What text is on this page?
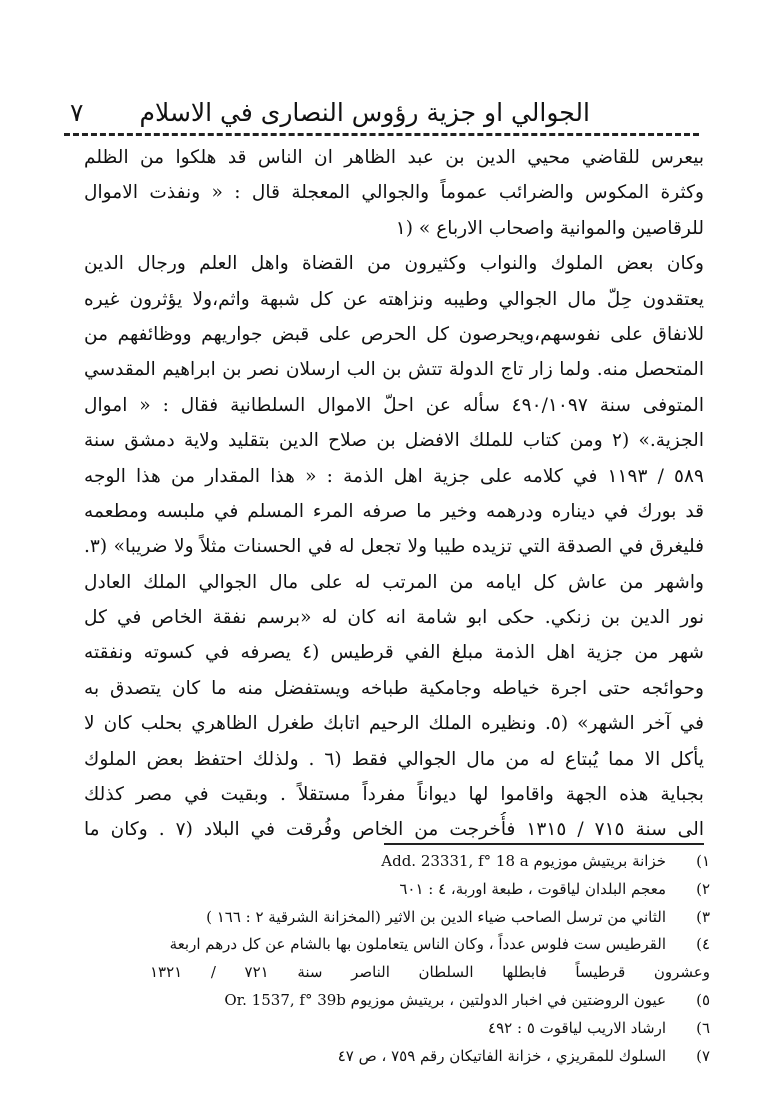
الجوالي او جزية رؤوس النصارى في الاسلام
٧
بيعرس للقاضي محيي الدين بن عبد الظاهر ان الناس قد هلكوا من الظلم
وكثرة المكوس والضرائب عموماً والجوالي المعجلة قال : « ونفذت الاموال
للرقاصين والموانية واصحاب الارباع » (١
وكان بعض الملوك والنواب وكثيرون من القضاة واهل العلم ورجال الدين
يعتقدون حِلّ مال الجوالي وطيبه ونزاهته عن كل شبهة واثم،ولا يؤثرون غيره
للانفاق على نفوسهم،ويحرصون كل الحرص على قبض جواريهم ووظائفهم من
المتحصل منه. ولما زار تاج الدولة تتش بن الب ارسلان نصر بن ابراهيم المقدسي
المتوفى سنة ٤٩٠/١٠٩٧ سأله عن احلّ الاموال السلطانية فقال : « اموال
الجزية.» (٢ ومن كتاب للملك الافضل بن صلاح الدين بتقليد ولاية دمشق سنة
٥٨٩ / ١١٩٣ في كلامه على جزية اهل الذمة : « هذا المقدار من هذا الوجه
قد بورك في ديناره ودرهمه وخير ما صرفه المرء المسلم في ملبسه ومطعمه
فليغرق في الصدقة التي تزيده طيبا ولا تجعل له في الحسنات مثلاً ولا ضريبا» (٣.
واشهر من عاش كل ايامه من المرتب له على مال الجوالي الملك العادل
نور الدين بن زنكي. حكى ابو شامة انه كان له «برسم نفقة الخاص في كل
شهر من جزية اهل الذمة مبلغ الفي قرطيس (٤ يصرفه في كسوته ونفقته
وحوائجه حتى اجرة خياطه وجامكية طباخه ويستفضل منه ما كان يتصدق به
في آخر الشهر» (٥. ونظيره الملك الرحيم اتابك طغرل الظاهري بحلب كان لا
يأكل الا مما يُبتاع له من مال الجوالي فقط (٦ . ولذلك احتفظ بعض الملوك
بجباية هذه الجهة واقاموا لها ديواناً مفرداً مستقلاً . وبقيت في مصر كذلك
الى سنة ٧١٥ / ١٣١٥ فأُخرجت من الخاص وفُرقت في البلاد (٧ . وكان ما
١)
خزانة بريتيش موزيوم Add. 23331, f° 18 a
٢)
معجم البلدان لياقوت ، طبعة اوربة، ٤ : ٦٠١
٣)
الثاني من ترسل الصاحب ضياء الدين بن الاثير (المخزانة الشرقية ٢ : ١٦٦ )
٤)
القرطيس ست فلوس عدداً ، وكان الناس يتعاملون بها بالشام عن كل درهم اربعة
وعشرون قرطيساً فابطلها السلطان الناصر سنة ٧٢١ / ١٣٢١
٥)
عيون الروضتين في اخبار الدولتين ، بريتيش موزيوم Or. 1537, f° 39b
٦)
ارشاد الاريب لياقوت ٥ : ٤٩٢
٧)
السلوك للمقريزي ، خزانة الفاتيكان رقم ٧٥٩ ، ص ٤٧
